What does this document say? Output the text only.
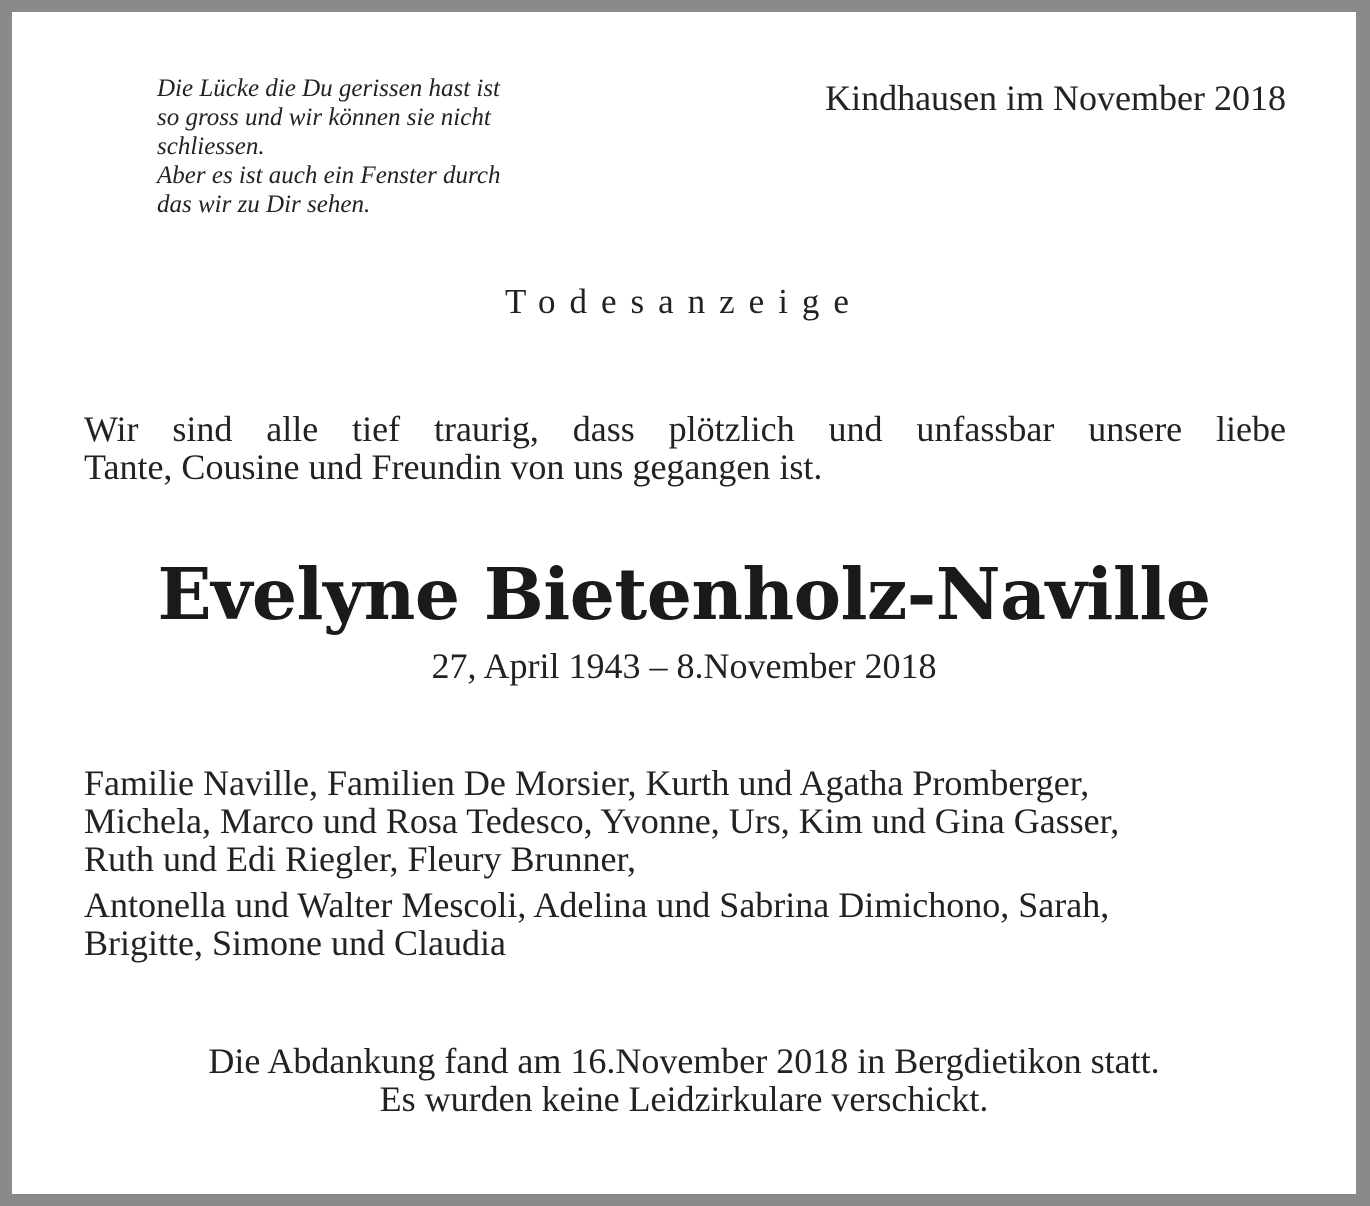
Die Lücke die Du gerissen hast ist
so gross und wir können sie nicht
schliessen.
Aber es ist auch ein Fenster durch
das wir zu Dir sehen.
Kindhausen im November 2018
Todesanzeige
Wir sind alle tief traurig, dass plötzlich und unfassbar unsere liebe
Tante, Cousine und Freundin von uns gegangen ist.
Evelyne Bietenholz-Naville
27, April 1943 – 8.November 2018
Familie Naville, Familien De Morsier, Kurth und Agatha Promberger,
Michela, Marco und Rosa Tedesco, Yvonne, Urs, Kim und Gina Gasser,
Ruth und Edi Riegler, Fleury Brunner,
Antonella und Walter Mescoli, Adelina und Sabrina Dimichono, Sarah,
Brigitte, Simone und Claudia
Die Abdankung fand am 16.November 2018 in Bergdietikon statt.
Es wurden keine Leidzirkulare verschickt.
